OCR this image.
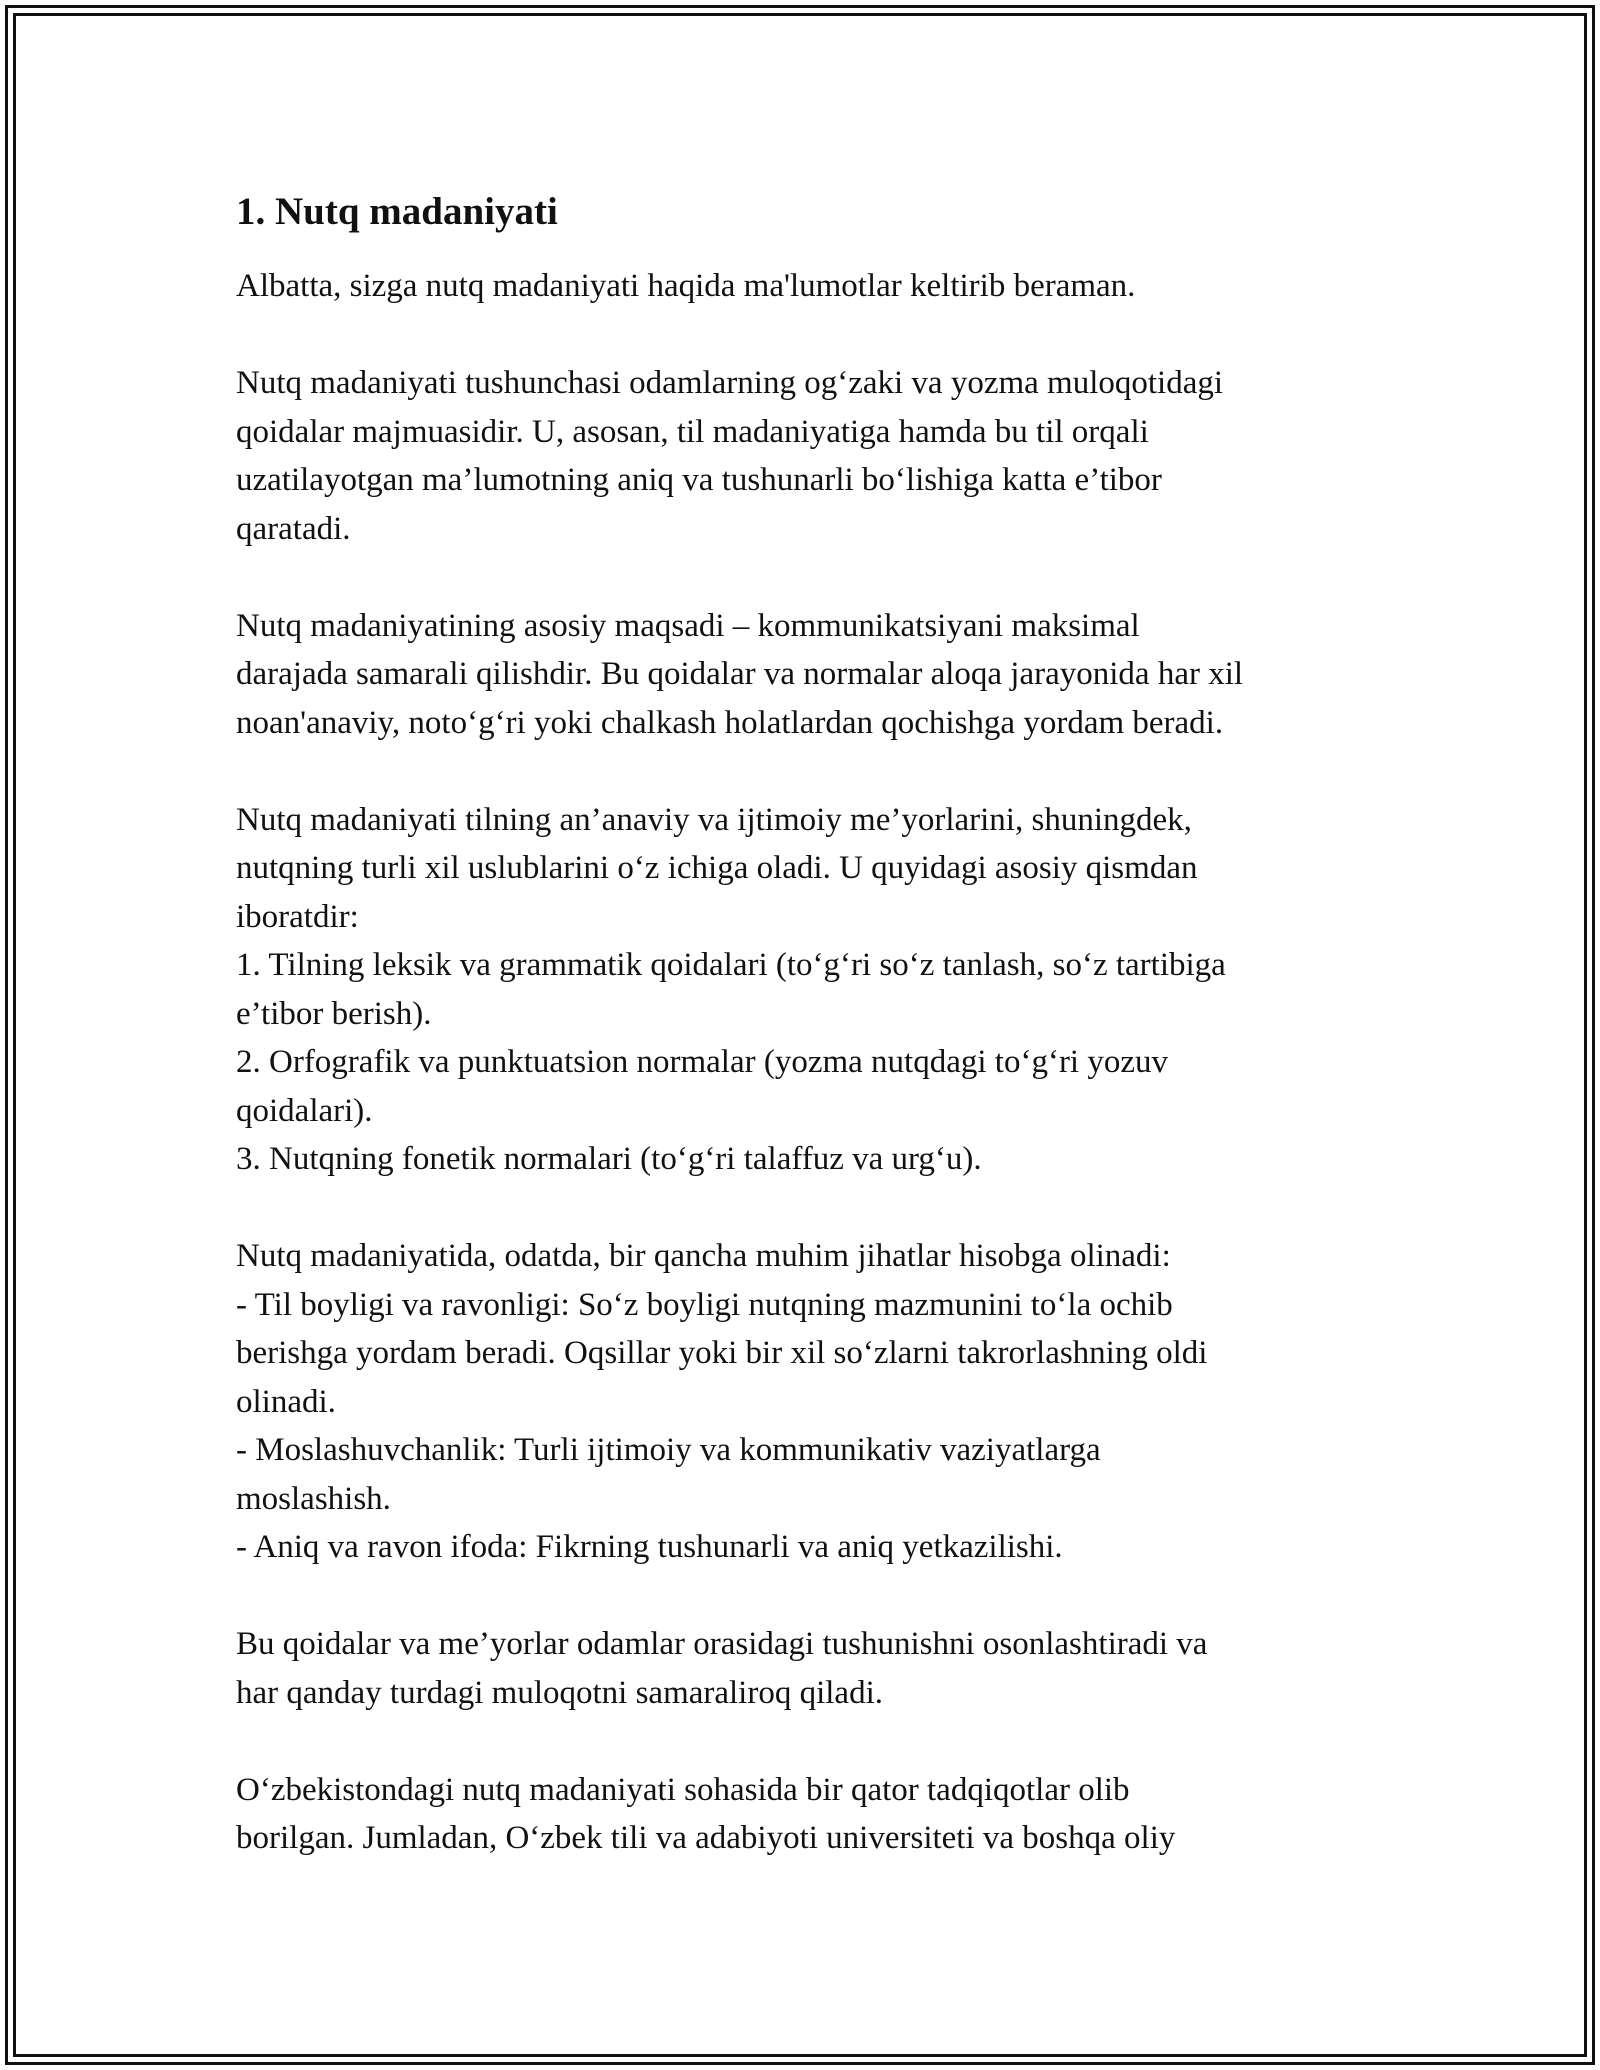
1. Nutq madaniyati
Albatta, sizga nutq madaniyati haqida ma'lumotlar keltirib beraman.
Nutq madaniyati tushunchasi odamlarning og‘zaki va yozma muloqotidagi
qoidalar majmuasidir. U, asosan, til madaniyatiga hamda bu til orqali
uzatilayotgan ma’lumotning aniq va tushunarli bo‘lishiga katta e’tibor
qaratadi.
Nutq madaniyatining asosiy maqsadi – kommunikatsiyani maksimal
darajada samarali qilishdir. Bu qoidalar va normalar aloqa jarayonida har xil
noan'anaviy, noto‘g‘ri yoki chalkash holatlardan qochishga yordam beradi.
Nutq madaniyati tilning an’anaviy va ijtimoiy me’yorlarini, shuningdek,
nutqning turli xil uslublarini o‘z ichiga oladi. U quyidagi asosiy qismdan
iboratdir:
1. Tilning leksik va grammatik qoidalari (to‘g‘ri so‘z tanlash, so‘z tartibiga
e’tibor berish).
2. Orfografik va punktuatsion normalar (yozma nutqdagi to‘g‘ri yozuv
qoidalari).
3. Nutqning fonetik normalari (to‘g‘ri talaffuz va urg‘u).
Nutq madaniyatida, odatda, bir qancha muhim jihatlar hisobga olinadi:
- Til boyligi va ravonligi: So‘z boyligi nutqning mazmunini to‘la ochib
berishga yordam beradi. Oqsillar yoki bir xil so‘zlarni takrorlashning oldi
olinadi.
- Moslashuvchanlik: Turli ijtimoiy va kommunikativ vaziyatlarga
moslashish.
- Aniq va ravon ifoda: Fikrning tushunarli va aniq yetkazilishi.
Bu qoidalar va me’yorlar odamlar orasidagi tushunishni osonlashtiradi va
har qanday turdagi muloqotni samaraliroq qiladi.
O‘zbekistondagi nutq madaniyati sohasida bir qator tadqiqotlar olib
borilgan. Jumladan, O‘zbek tili va adabiyoti universiteti va boshqa oliy
